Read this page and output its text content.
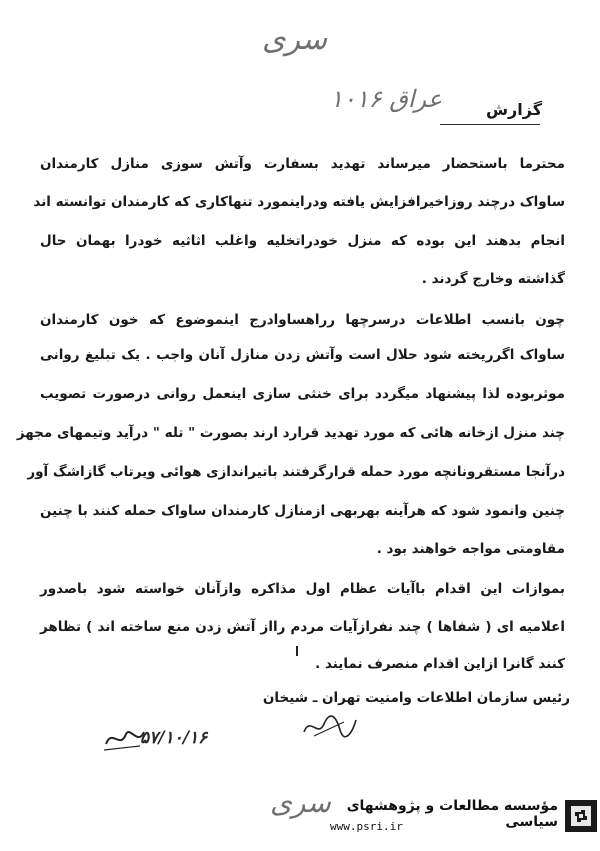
سری
۱۰۱۶ عراق	گزارش
محترما باستحضار میرساند تهدید بسفارت وآتش سوزی منازل کارمندان
ساواک درچند روزاخیرافزایش یافته ودراینمورد تنهاکاری که کارمندان توانسته اند
انجام بدهند این بوده که منزل خودراتخلیه واغلب اثاثیه خودرا بهمان حال
گذاشته وخارج گردند .
چون بانسب اطلاعات درسرچها رراهساوادرج اینموضوع که خون کارمندان
ساواک اگرریخته شود حلال است وآتش زدن منازل آنان واجب . یک تبلیغ روانی
موثربوده لذا پیشنهاد میگردد برای خنثی سازی اینعمل روانی درصورت تصویب
چند منزل ازخانه هائی که مورد تهدید قرارد ارند بصورت " تله " درآید وتیمهای مجهز
درآنجا مستقرونانچه مورد حمله قرارگرفتند باتیراندازی هوائی ویرتاب گازاشگ آور
چنین وانمود شود که هرآینه بهربهی ازمنازل کارمندان ساواک حمله کنند با چنین
مقاومتی مواجه خواهند بود .
بموازات این اقدام باآیات عظام اول مذاکره وازآنان خواسته شود باصدور
اعلامیه ای ( شفاها ) چند نفرازآیات مردم رااز آتش زدن منع ساخته اند ) تظاهر
کنند گانرا ازاین اقدام منصرف نمایند .
رئیس سازمان اطلاعات وامنیت تهران ـ شیخان
۵۷/۱۰/۱۶
سری	مؤسسه مطالعات و پژوهشهای سیاسی
www.psri.ir
